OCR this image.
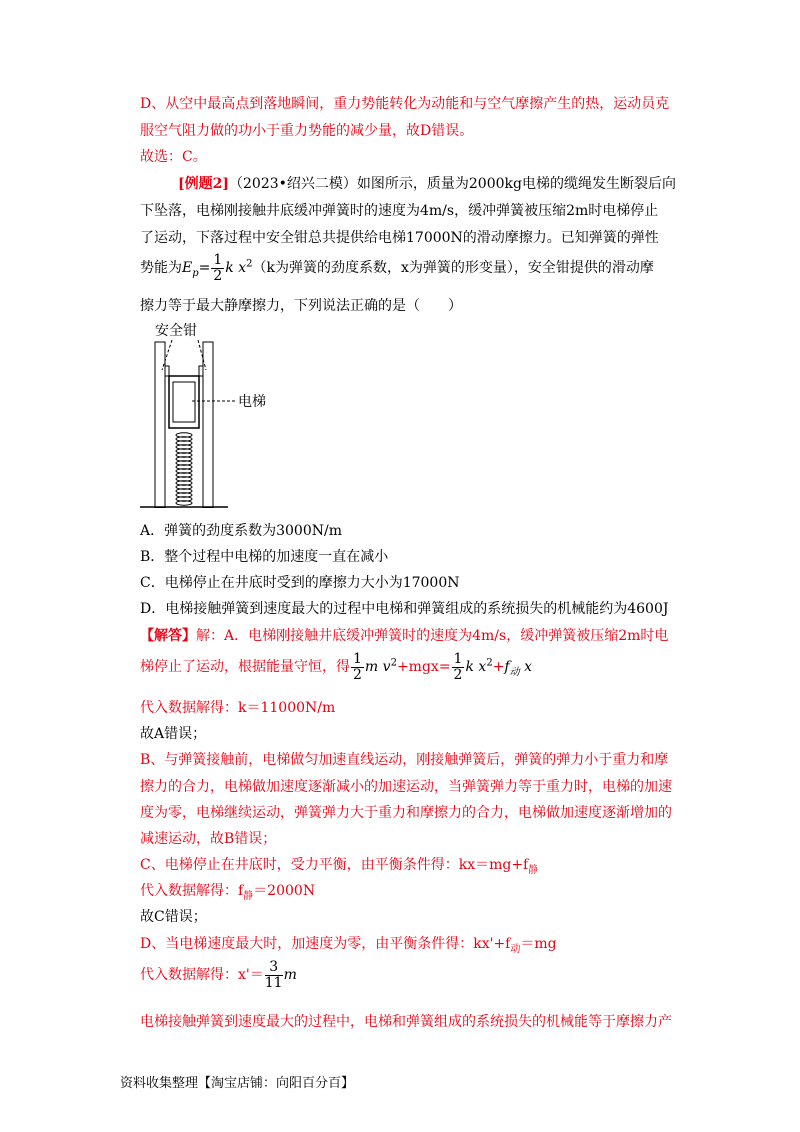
D、从空中最高点到落地瞬间，重力势能转化为动能和与空气摩擦产生的热，运动员克
服空气阻力做的功小于重力势能的减少量，故D错误。
故选：C。
[例题2]（2023•绍兴二模）如图所示，质量为2000kg电梯的缆绳发生断裂后向
下坠落，电梯刚接触井底缓冲弹簧时的速度为4m/s，缓冲弹簧被压缩2m时电梯停止
了运动，下落过程中安全钳总共提供给电梯17000N的滑动摩擦力。已知弹簧的弹性
势能为$E_p= \frac{1}{2}$ k $x^2(k$为弹簧的劲度系数，x为弹簧的形变量），安全钳提供的滑动摩
擦力等于最大静摩擦力，下列说法正确的是（　　）
安全钳
电梯
A．弹簧的劲度系数为3000N/m
B．整个过程中电梯的加速度一直在减小
C．电梯停止在井底时受到的摩擦力大小为17000N
D．电梯接触弹簧到速度最大的过程中电梯和弹簧组成的系统损失的机械能约为4600J
【解答】解：A．电梯刚接触井底缓冲弹簧时的速度为4m/s，缓冲弹簧被压缩2m时电
梯停止了运动，根据能量守恒，得 $\frac{1}{2}$ m $v^2+mgx= \frac{1}{2}$ k $x^2+f_动$ x
代入数据解得：k＝11000N/m
故A错误；
B、与弹簧接触前，电梯做匀加速直线运动，刚接触弹簧后，弹簧的弹力小于重力和摩
擦力的合力，电梯做加速度逐渐减小的加速运动，当弹簧弹力等于重力时，电梯的加速
度为零，电梯继续运动，弹簧弹力大于重力和摩擦力的合力，电梯做加速度逐渐增加的
减速运动，故B错误；
C、电梯停止在井底时，受力平衡，由平衡条件得：$kx=mg+f_静$
代入数据解得：$f_静=2000N$
故C错误；
D、当电梯速度最大时，加速度为零，由平衡条件得：$kx'+f_动=mg$
代入数据解得：$x'= \frac{3}{11}$ m
电梯接触弹簧到速度最大的过程中，电梯和弹簧组成的系统损失的机械能等于摩擦力产
资料收集整理【淘宝店铺：向阳百分百】
